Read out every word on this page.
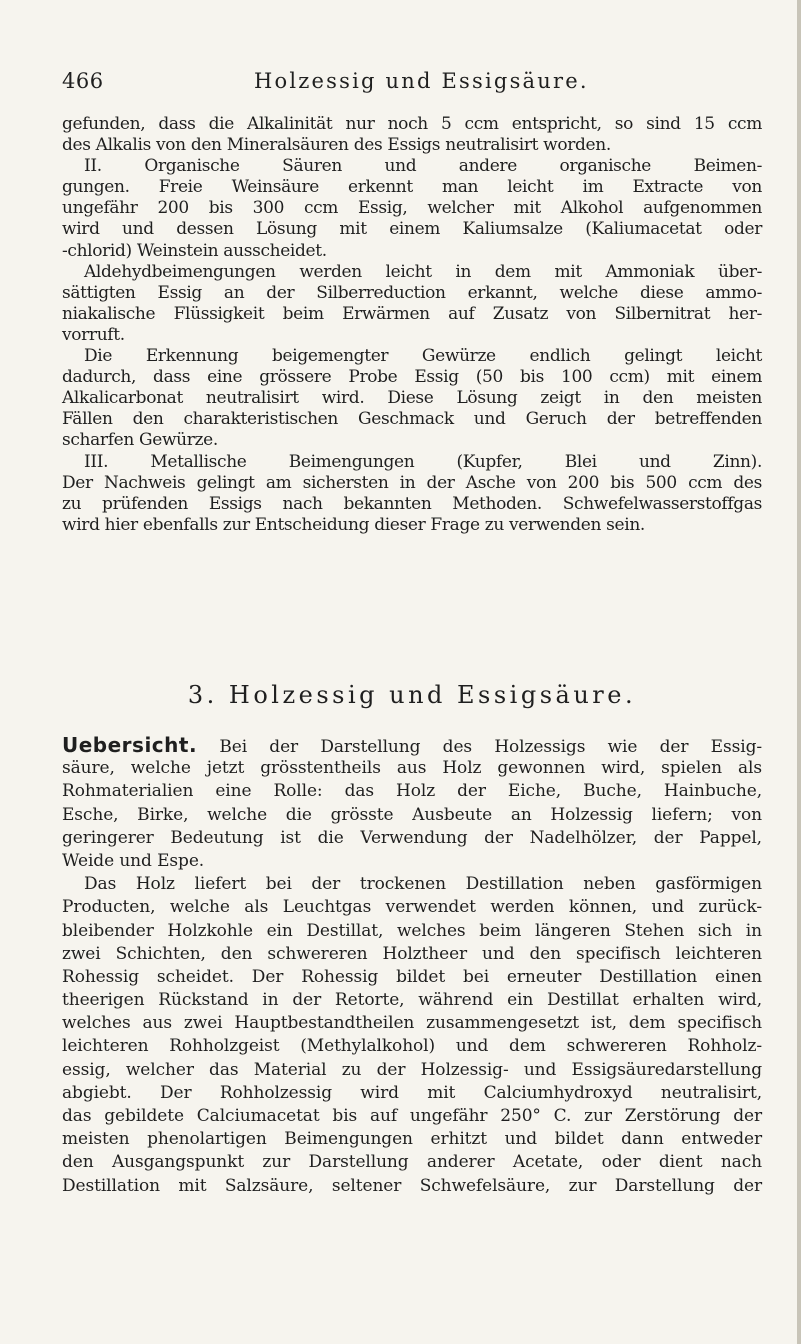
466	Holzessig und Essigsäure.
gefunden, dass die Alkalinität nur noch 5 ccm entspricht, so sind 15 ccm
des Alkalis von den Mineralsäuren des Essigs neutralisirt worden.
II. Organische Säuren und andere organische Beimen-
gungen. Freie Weinsäure erkennt man leicht im Extracte von
ungefähr 200 bis 300 ccm Essig, welcher mit Alkohol aufgenommen
wird und dessen Lösung mit einem Kaliumsalze (Kaliumacetat oder
-chlorid) Weinstein ausscheidet.
Aldehydbeimengungen werden leicht in dem mit Ammoniak über-
sättigten Essig an der Silberreduction erkannt, welche diese ammo-
niakalische Flüssigkeit beim Erwärmen auf Zusatz von Silbernitrat her-
vorruft.
Die Erkennung beigemengter Gewürze endlich gelingt leicht
dadurch, dass eine grössere Probe Essig (50 bis 100 ccm) mit einem
Alkalicarbonat neutralisirt wird. Diese Lösung zeigt in den meisten
Fällen den charakteristischen Geschmack und Geruch der betreffenden
scharfen Gewürze.
III. Metallische Beimengungen (Kupfer, Blei und Zinn).
Der Nachweis gelingt am sichersten in der Asche von 200 bis 500 ccm des
zu prüfenden Essigs nach bekannten Methoden. Schwefelwasserstoffgas
wird hier ebenfalls zur Entscheidung dieser Frage zu verwenden sein.
3. Holzessig und Essigsäure.
Uebersicht. Bei der Darstellung des Holzessigs wie der Essig-
säure, welche jetzt grösstentheils aus Holz gewonnen wird, spielen als
Rohmaterialien eine Rolle: das Holz der Eiche, Buche, Hainbuche,
Esche, Birke, welche die grösste Ausbeute an Holzessig liefern; von
geringerer Bedeutung ist die Verwendung der Nadelhölzer, der Pappel,
Weide und Espe.
Das Holz liefert bei der trockenen Destillation neben gasförmigen
Producten, welche als Leuchtgas verwendet werden können, und zurück-
bleibender Holzkohle ein Destillat, welches beim längeren Stehen sich in
zwei Schichten, den schwereren Holztheer und den specifisch leichteren
Rohessig scheidet. Der Rohessig bildet bei erneuter Destillation einen
theerigen Rückstand in der Retorte, während ein Destillat erhalten wird,
welches aus zwei Hauptbestandtheilen zusammengesetzt ist, dem specifisch
leichteren Rohholzgeist (Methylalkohol) und dem schwereren Rohholz-
essig, welcher das Material zu der Holzessig- und Essigsäuredarstellung
abgiebt. Der Rohholzessig wird mit Calciumhydroxyd neutralisirt,
das gebildete Calciumacetat bis auf ungefähr 250° C. zur Zerstörung der
meisten phenolartigen Beimengungen erhitzt und bildet dann entweder
den Ausgangspunkt zur Darstellung anderer Acetate, oder dient nach
Destillation mit Salzsäure, seltener Schwefelsäure, zur Darstellung der
